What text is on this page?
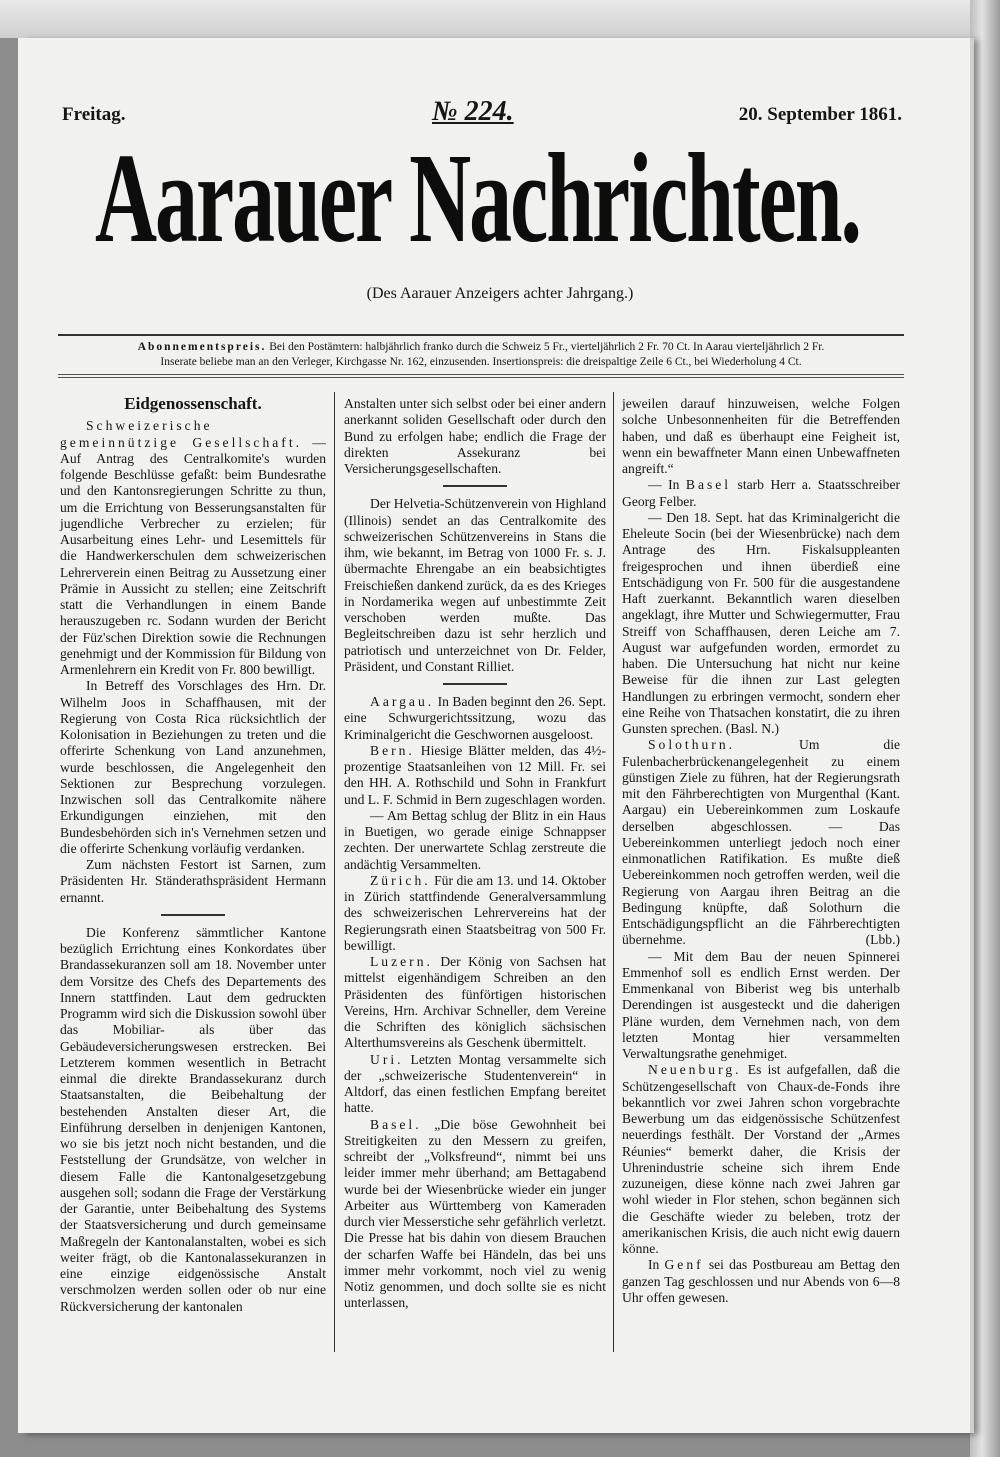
Freitag.	№ 224.	20. September 1861.
Aarauer Nachrichten.
(Des Aarauer Anzeigers achter Jahrgang.)
Abonnementspreis. Bei den Postämtern: halbjährlich franko durch die Schweiz 5 Fr., vierteljährlich 2 Fr. 70 Ct. In Aarau vierteljährlich 2 Fr.
Inserate beliebe man an den Verleger, Kirchgasse Nr. 162, einzusenden. Insertionspreis: die dreispaltige Zeile 6 Ct., bei Wiederholung 4 Ct.
Eidgenossenschaft.

Schweizerische gemeinnützige Gesellschaft. — Auf Antrag des Centralkomite's wurden folgende Beschlüsse gefaßt: beim Bundesrathe und den Kantonsregierungen Schritte zu thun, um die Errichtung von Besserungsanstalten für jugendliche Verbrecher zu erzielen; für Ausarbeitung eines Lehr- und Lesemittels für die Handwerkerschulen dem schweizerischen Lehrerverein einen Beitrag zu Aussetzung einer Prämie in Aussicht zu stellen; eine Zeitschrift statt die Verhandlungen in einem Bande herauszugeben rc. Sodann wurden der Bericht der Füz'schen Direktion sowie die Rechnungen genehmigt und der Kommission für Bildung von Armenlehrern ein Kredit von Fr. 800 bewilligt.

In Betreff des Vorschlages des Hrn. Dr. Wilhelm Joos in Schaffhausen, mit der Regierung von Costa Rica rücksichtlich der Kolonisation in Beziehungen zu treten und die offerirte Schenkung von Land anzunehmen, wurde beschlossen, die Angelegenheit den Sektionen zur Besprechung vorzulegen. Inzwischen soll das Centralkomite nähere Erkundigungen einziehen, mit den Bundesbehörden sich in's Vernehmen setzen und die offerirte Schenkung vorläufig verdanken.

Zum nächsten Festort ist Sarnen, zum Präsidenten Hr. Ständerathspräsident Hermann ernannt.

Die Konferenz sämmtlicher Kantone bezüglich Errichtung eines Konkordates über Brandassekuranzen soll am 18. November unter dem Vorsitze des Chefs des Departements des Innern stattfinden. Laut dem gedruckten Programm wird sich die Diskussion sowohl über das Mobiliar- als über das Gebäudeversicherungswesen erstrecken. Bei Letzterem kommen wesentlich in Betracht einmal die direkte Brandassekuranz durch Staatsanstalten, die Beibehaltung der bestehenden Anstalten dieser Art, die Einführung derselben in denjenigen Kantonen, wo sie bis jetzt noch nicht bestanden, und die Feststellung der Grundsätze, von welcher in diesem Falle die Kantonalgesetzgebung ausgehen soll; sodann die Frage der Verstärkung der Garantie, unter Beibehaltung des Systems der Staatsversicherung und durch gemeinsame Maßregeln der Kantonalanstalten, wobei es sich weiter frägt, ob die Kantonalassekuranzen in eine einzige eidgenössische Anstalt verschmolzen werden sollen oder ob nur eine Rückversicherung der kantonalen

Anstalten unter sich selbst oder bei einer andern anerkannt soliden Gesellschaft oder durch den Bund zu erfolgen habe; endlich die Frage der direkten Assekuranz bei Versicherungsgesellschaften.

Der Helvetia-Schützenverein von Highland (Illinois) sendet an das Centralkomite des schweizerischen Schützenvereins in Stans die ihm, wie bekannt, im Betrag von 1000 Fr. s. J. übermachte Ehrengabe an ein beabsichtigtes Freischießen dankend zurück, da es des Krieges in Nordamerika wegen auf unbestimmte Zeit verschoben werden mußte. Das Begleitschreiben dazu ist sehr herzlich und patriotisch und unterzeichnet von Dr. Felder, Präsident, und Constant Rilliet.

Aargau. In Baden beginnt den 26. Sept. eine Schwurgerichtssitzung, wozu das Kriminalgericht die Geschwornen ausgeloost.

Bern. Hiesige Blätter melden, das 4½-prozentige Staatsanleihen von 12 Mill. Fr. sei den HH. A. Rothschild und Sohn in Frankfurt und L. F. Schmid in Bern zugeschlagen worden.

— Am Bettag schlug der Blitz in ein Haus in Buetigen, wo gerade einige Schnappser zechten. Der unerwartete Schlag zerstreute die andächtig Versammelten.

Zürich. Für die am 13. und 14. Oktober in Zürich stattfindende Generalversammlung des schweizerischen Lehrervereins hat der Regierungsrath einen Staatsbeitrag von 500 Fr. bewilligt.

Luzern. Der König von Sachsen hat mittelst eigenhändigem Schreiben an den Präsidenten des fünförtigen historischen Vereins, Hrn. Archivar Schneller, dem Vereine die Schriften des königlich sächsischen Alterthumsvereins als Geschenk übermittelt.

Uri. Letzten Montag versammelte sich der „schweizerische Studentenverein“ in Altdorf, das einen festlichen Empfang bereitet hatte.

Basel. „Die böse Gewohnheit bei Streitigkeiten zu den Messern zu greifen, schreibt der „Volksfreund“, nimmt bei uns leider immer mehr überhand; am Bettagabend wurde bei der Wiesenbrücke wieder ein junger Arbeiter aus Württemberg von Kameraden durch vier Messerstiche sehr gefährlich verletzt. Die Presse hat bis dahin von diesem Brauchen der scharfen Waffe bei Händeln, das bei uns immer mehr vorkommt, noch viel zu wenig Notiz genommen, und doch sollte sie es nicht unterlassen,

jeweilen darauf hinzuweisen, welche Folgen solche Unbesonnenheiten für die Betreffenden haben, und daß es überhaupt eine Feigheit ist, wenn ein bewaffneter Mann einen Unbewaffneten angreift.“

— In Basel starb Herr a. Staatsschreiber Georg Felber.

— Den 18. Sept. hat das Kriminalgericht die Eheleute Socin (bei der Wiesenbrücke) nach dem Antrage des Hrn. Fiskalsuppleanten freigesprochen und ihnen überdieß eine Entschädigung von Fr. 500 für die ausgestandene Haft zuerkannt. Bekanntlich waren dieselben angeklagt, ihre Mutter und Schwiegermutter, Frau Streiff von Schaffhausen, deren Leiche am 7. August war aufgefunden worden, ermordet zu haben. Die Untersuchung hat nicht nur keine Beweise für die ihnen zur Last gelegten Handlungen zu erbringen vermocht, sondern eher eine Reihe von Thatsachen konstatirt, die zu ihren Gunsten sprechen. (Basl. N.)

Solothurn. Um die Fulenbacherbrückenangelegenheit zu einem günstigen Ziele zu führen, hat der Regierungsrath mit den Fährberechtigten von Murgenthal (Kant. Aargau) ein Uebereinkommen zum Loskaufe derselben abgeschlossen. — Das Uebereinkommen unterliegt jedoch noch einer einmonatlichen Ratifikation. Es mußte dieß Uebereinkommen noch getroffen werden, weil die Regierung von Aargau ihren Beitrag an die Bedingung knüpfte, daß Solothurn die Entschädigungspflicht an die Fährberechtigten übernehme.	(Lbb.)

— Mit dem Bau der neuen Spinnerei Emmenhof soll es endlich Ernst werden. Der Emmenkanal von Biberist weg bis unterhalb Derendingen ist ausgesteckt und die daherigen Pläne wurden, dem Vernehmen nach, von dem letzten Montag hier versammelten Verwaltungsrathe genehmiget.

Neuenburg. Es ist aufgefallen, daß die Schützengesellschaft von Chaux-de-Fonds ihre bekanntlich vor zwei Jahren schon vorgebrachte Bewerbung um das eidgenössische Schützenfest neuerdings festhält. Der Vorstand der „Armes Réunies“ bemerkt daher, die Krisis der Uhrenindustrie scheine sich ihrem Ende zuzuneigen, diese könne nach zwei Jahren gar wohl wieder in Flor stehen, schon begännen sich die Geschäfte wieder zu beleben, trotz der amerikanischen Krisis, die auch nicht ewig dauern könne.

In Genf sei das Postbureau am Bettag den ganzen Tag geschlossen und nur Abends von 6—8 Uhr offen gewesen.
